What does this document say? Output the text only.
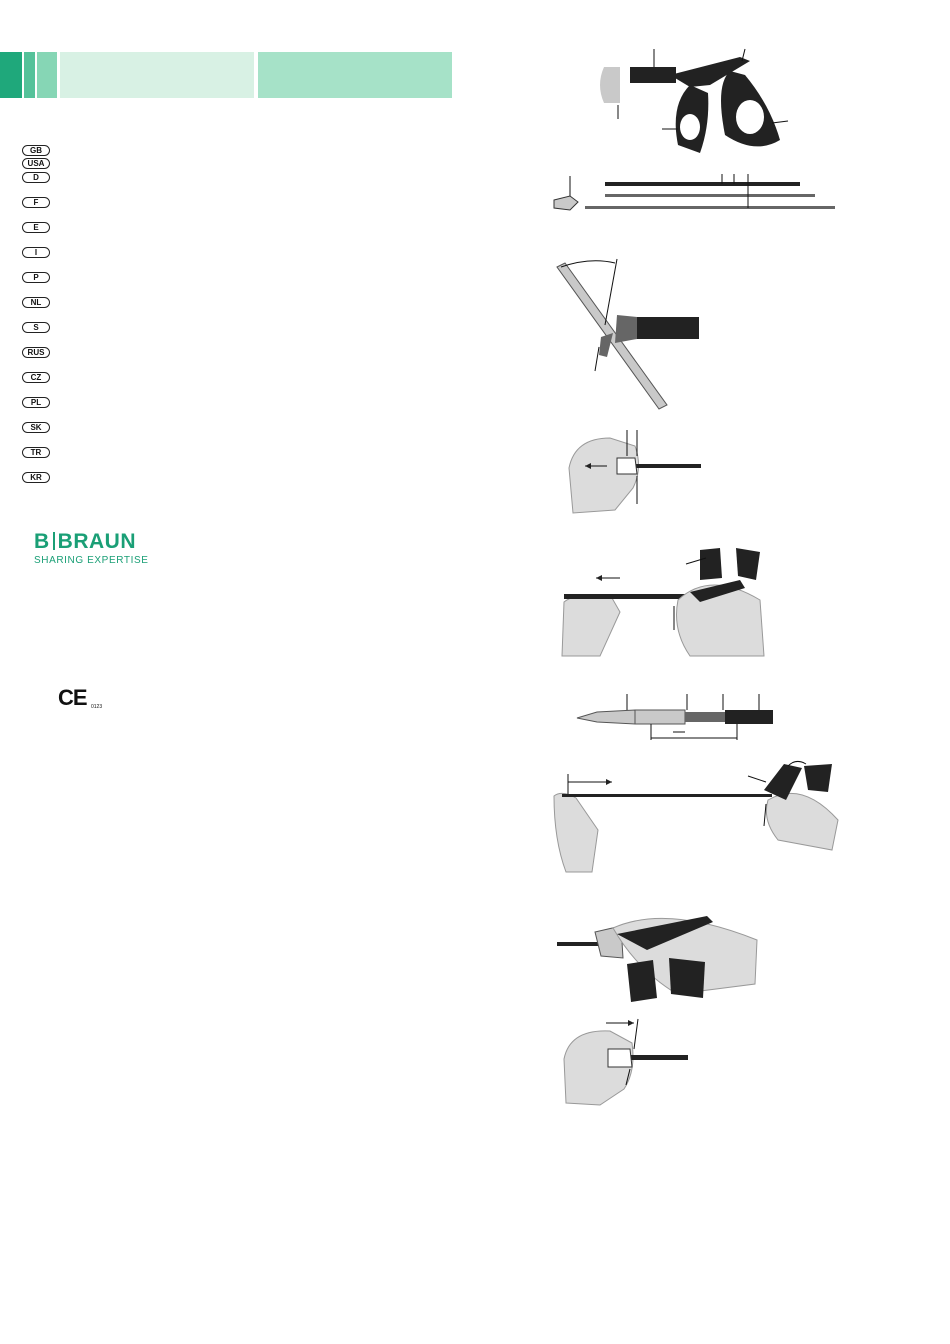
GB
USA
D
F
E
I
P
NL
S
RUS
CZ
PL
SK
TR
KR
B BRAUN
SHARING EXPERTISE
CE 0123
